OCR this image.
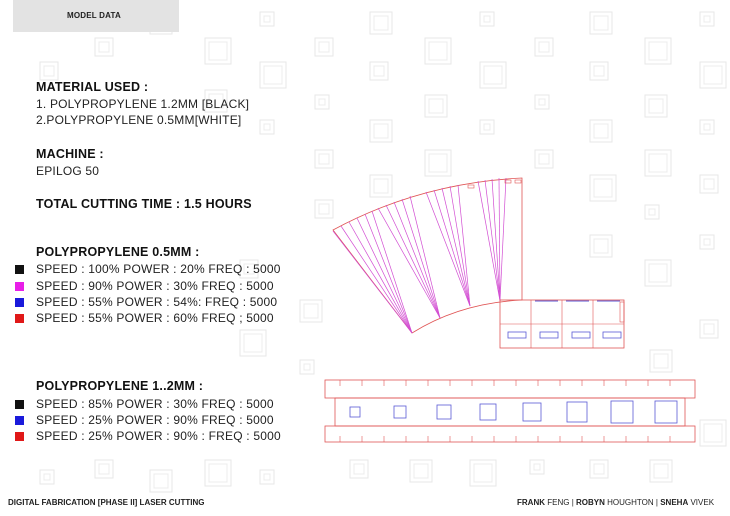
MODEL DATA
MATERIAL USED :
1. POLYPROPYLENE 1.2MM [BLACK]
2.POLYPROPYLENE 0.5MM[WHITE]
MACHINE :
EPILOG 50
TOTAL CUTTING TIME : 1.5 HOURS
POLYPROPYLENE 0.5MM :
SPEED : 100% POWER : 20% FREQ : 5000
SPEED : 90% POWER : 30% FREQ : 5000
SPEED : 55% POWER : 54%: FREQ : 5000
SPEED : 55% POWER : 60% FREQ ; 5000
POLYPROPYLENE 1..2MM :
SPEED : 85% POWER : 30% FREQ : 5000
SPEED : 25% POWER : 90% FREQ : 5000
SPEED : 25% POWER : 90% : FREQ : 5000
DIGITAL FABRICATION [PHASE II] LASER CUTTING	FRANK FENG | ROBYN HOUGHTON | SNEHA VIVEK
